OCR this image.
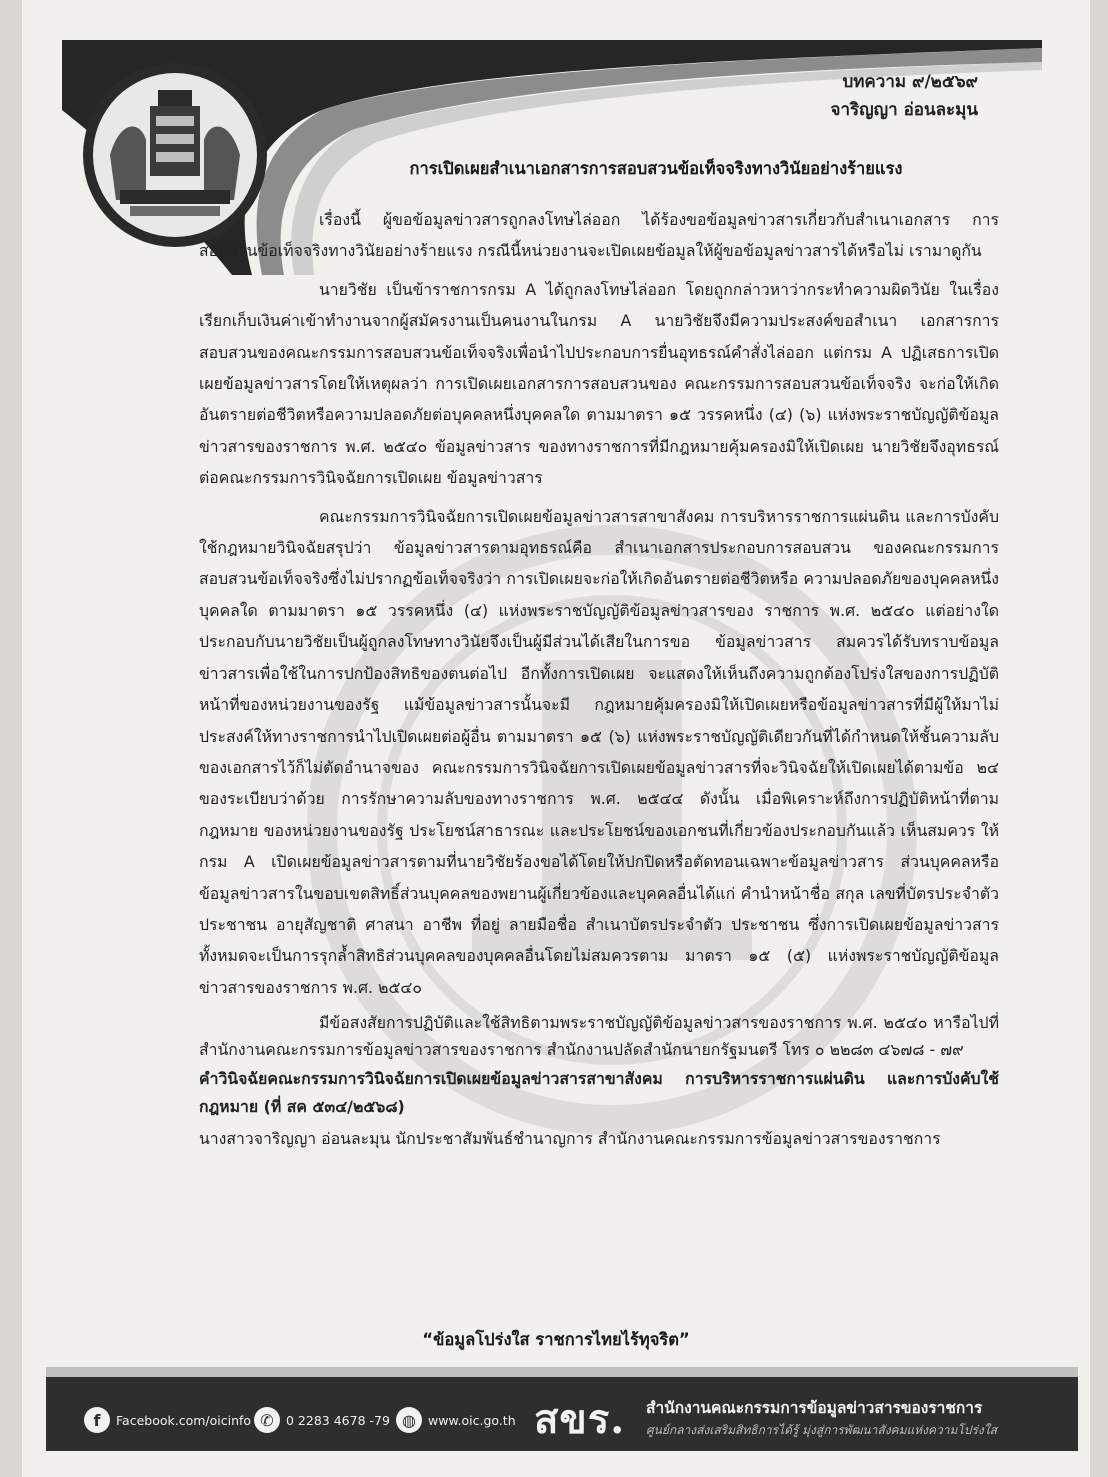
บทความ ๙/๒๕๖๙
จาริญญา อ่อนละมุน
การเปิดเผยสำเนาเอกสารการสอบสวนข้อเท็จจริงทางวินัยอย่างร้ายแรง

เรื่องนี้ ผู้ขอข้อมูลข่าวสารถูกลงโทษไล่ออก ได้ร้องขอข้อมูลข่าวสารเกี่ยวกับสำเนาเอกสาร การสอบสวนข้อเท็จจริงทางวินัยอย่างร้ายแรง กรณีนี้หน่วยงานจะเปิดเผยข้อมูลให้ผู้ขอข้อมูลข่าวสารได้หรือไม่ เรามาดูกัน

นายวิชัย เป็นข้าราชการกรม A ได้ถูกลงโทษไล่ออก โดยถูกกล่าวหาว่ากระทำความผิดวินัย ในเรื่องเรียกเก็บเงินค่าเข้าทำงานจากผู้สมัครงานเป็นคนงานในกรม A นายวิชัยจึงมีความประสงค์ขอสำเนา เอกสารการสอบสวนของคณะกรรมการสอบสวนข้อเท็จจริงเพื่อนำไปประกอบการยื่นอุทธรณ์คำสั่งไล่ออก แต่กรม A ปฏิเสธการเปิดเผยข้อมูลข่าวสารโดยให้เหตุผลว่า การเปิดเผยเอกสารการสอบสวนของ คณะกรรมการสอบสวนข้อเท็จจริง จะก่อให้เกิดอันตรายต่อชีวิตหรือความปลอดภัยต่อบุคคลหนึ่งบุคคลใด ตามมาตรา ๑๕ วรรคหนึ่ง (๔) (๖) แห่งพระราชบัญญัติข้อมูลข่าวสารของราชการ พ.ศ. ๒๕๔๐ ข้อมูลข่าวสาร ของทางราชการที่มีกฎหมายคุ้มครองมิให้เปิดเผย นายวิชัยจึงอุทธรณ์ต่อคณะกรรมการวินิจฉัยการเปิดเผย ข้อมูลข่าวสาร

คณะกรรมการวินิจฉัยการเปิดเผยข้อมูลข่าวสารสาขาสังคม การบริหารราชการแผ่นดิน และการบังคับใช้กฎหมายวินิจฉัยสรุปว่า ข้อมูลข่าวสารตามอุทธรณ์คือ สำเนาเอกสารประกอบการสอบสวน ของคณะกรรมการสอบสวนข้อเท็จจริงซึ่งไม่ปรากฏข้อเท็จจริงว่า การเปิดเผยจะก่อให้เกิดอันตรายต่อชีวิตหรือ ความปลอดภัยของบุคคลหนึ่ง บุคคลใด ตามมาตรา ๑๕ วรรคหนึ่ง (๔) แห่งพระราชบัญญัติข้อมูลข่าวสารของ ราชการ พ.ศ. ๒๕๔๐ แต่อย่างใด ประกอบกับนายวิชัยเป็นผู้ถูกลงโทษทางวินัยจึงเป็นผู้มีส่วนได้เสียในการขอ ข้อมูลข่าวสาร สมควรได้รับทราบข้อมูลข่าวสารเพื่อใช้ในการปกป้องสิทธิของตนต่อไป อีกทั้งการเปิดเผย จะแสดงให้เห็นถึงความถูกต้องโปร่งใสของการปฏิบัติหน้าที่ของหน่วยงานของรัฐ แม้ข้อมูลข่าวสารนั้นจะมี กฎหมายคุ้มครองมิให้เปิดเผยหรือข้อมูลข่าวสารที่มีผู้ให้มาไม่ประสงค์ให้ทางราชการนำไปเปิดเผยต่อผู้อื่น ตามมาตรา ๑๕ (๖) แห่งพระราชบัญญัติเดียวกันที่ได้กำหนดให้ชั้นความลับของเอกสารไว้ก็ไม่ตัดอำนาจของ คณะกรรมการวินิจฉัยการเปิดเผยข้อมูลข่าวสารที่จะวินิจฉัยให้เปิดเผยได้ตามข้อ ๒๔ ของระเบียบว่าด้วย การรักษาความลับของทางราชการ พ.ศ. ๒๕๔๔ ดังนั้น เมื่อพิเคราะห์ถึงการปฏิบัติหน้าที่ตามกฎหมาย ของหน่วยงานของรัฐ ประโยชน์สาธารณะ และประโยชน์ของเอกชนที่เกี่ยวข้องประกอบกันแล้ว เห็นสมควร ให้กรม A เปิดเผยข้อมูลข่าวสารตามที่นายวิชัยร้องขอได้โดยให้ปกปิดหรือตัดทอนเฉพาะข้อมูลข่าวสาร ส่วนบุคคลหรือข้อมูลข่าวสารในขอบเขตสิทธิ์ส่วนบุคคลของพยานผู้เกี่ยวข้องและบุคคลอื่นได้แก่ คำนำหน้าชื่อ สกุล เลขที่บัตรประจำตัวประชาชน อายุสัญชาติ ศาสนา อาชีพ ที่อยู่ ลายมือชื่อ สำเนาบัตรประจำตัว ประชาชน ซึ่งการเปิดเผยข้อมูลข่าวสารทั้งหมดจะเป็นการรุกล้ำสิทธิส่วนบุคคลของบุคคลอื่นโดยไม่สมควรตาม มาตรา ๑๕ (๕) แห่งพระราชบัญญัติข้อมูลข่าวสารของราชการ พ.ศ. ๒๕๔๐

มีข้อสงสัยการปฏิบัติและใช้สิทธิตามพระราชบัญญัติข้อมูลข่าวสารของราชการ พ.ศ. ๒๕๔๐ หารือไปที่สำนักงานคณะกรรมการข้อมูลข่าวสารของราชการ สำนักงานปลัดสำนักนายกรัฐมนตรี โทร ๐ ๒๒๘๓ ๔๖๗๘ - ๗๙

คำวินิจฉัยคณะกรรมการวินิจฉัยการเปิดเผยข้อมูลข่าวสารสาขาสังคม การบริหารราชการแผ่นดิน และการบังคับใช้กฎหมาย (ที่ สค ๕๓๔/๒๕๖๘)

นางสาวจาริญญา อ่อนละมุน นักประชาสัมพันธ์ชำนาญการ สำนักงานคณะกรรมการข้อมูลข่าวสารของราชการ

“ข้อมูลโปร่งใส ราชการไทยไร้ทุจริต”
f	Facebook.com/oicinfo ✆ 0 2283 4678 -79 ◍ www.oic.go.th สขร. สำนักงานคณะกรรมการข้อมูลข่าวสารของราชการ
ศูนย์กลางส่งเสริมสิทธิการได้รู้ มุ่งสู่การพัฒนาสังคมแห่งความโปร่งใส
